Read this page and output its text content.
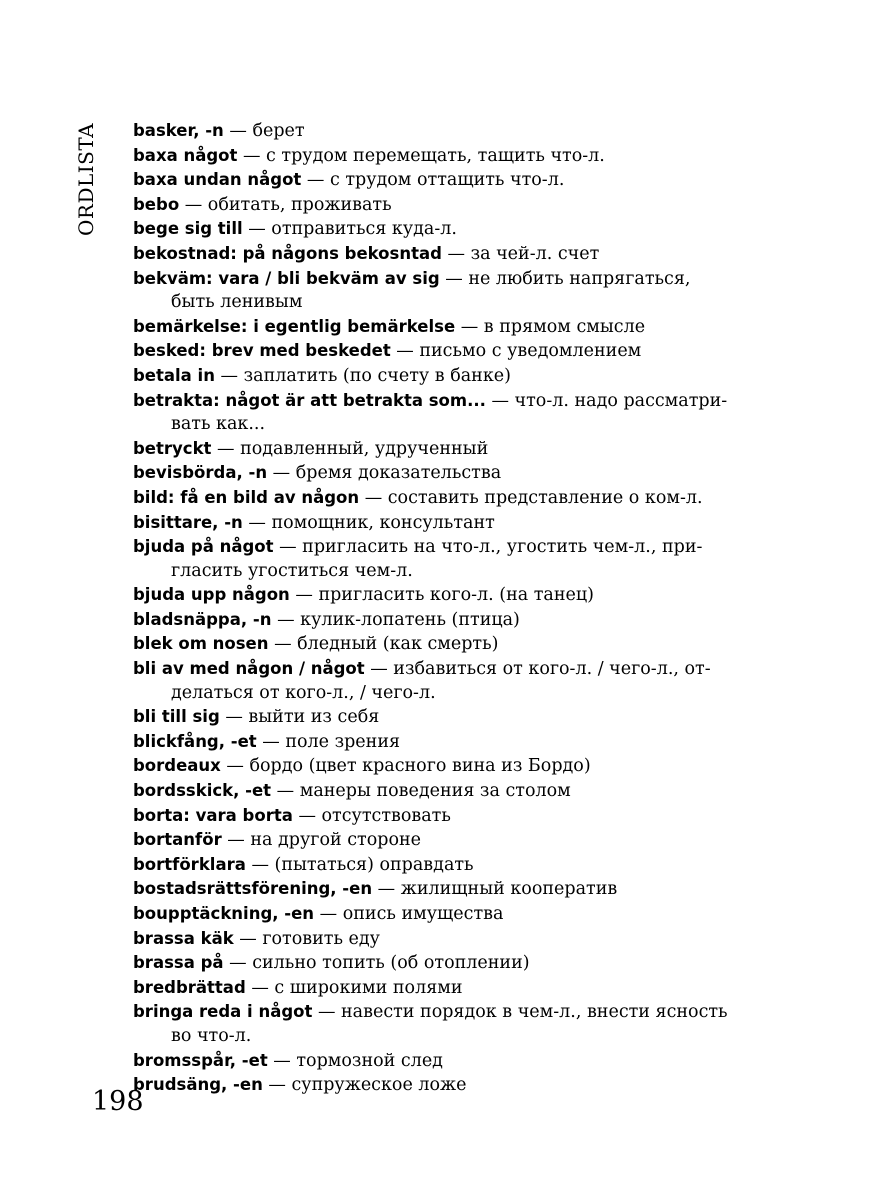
ORDLISTA	basker, -n — берет
baxa något — с трудом перемещать, тащить что-л.
baxa undan något — с трудом оттащить что-л.
bebo — обитать, проживать
bege sig till — отправиться куда-л.
bekostnad: på någons bekosntad — за чей-л. счет
bekväm: vara / bli bekväm av sig — не любить напрягаться,
быть ленивым
bemärkelse: i egentlig bemärkelse — в прямом смысле
besked: brev med beskedet — письмо с уведомлением
betala in — заплатить (по счету в банке)
betrakta: något är att betrakta som... — что-л. надо рассматри-
вать как...
betryckt — подавленный, удрученный
bevisbörda, -n — бремя доказательства
bild: få en bild av någon — составить представление о ком-л.
bisittare, -n — помощник, консультант
bjuda på något — пригласить на что-л., угостить чем-л., при-
гласить угоститься чем-л.
bjuda upp någon — пригласить кого-л. (на танец)
bladsnäppa, -n — кулик-лопатень (птица)
blek om nosen — бледный (как смерть)
bli av med någon / något — избавиться от кого-л. / чего-л., от-
делаться от кого-л., / чего-л.
bli till sig — выйти из себя
blickfång, -et — поле зрения
bordeaux — бордо (цвет красного вина из Бордо)
bordsskick, -et — манеры поведения за столом
borta: vara borta — отсутствовать
bortanför — на другой стороне
bortförklara — (пытаться) оправдать
bostadsrättsförening, -en — жилищный кооператив
boupptäckning, -en — опись имущества
brassa käk — готовить еду
brassa på — сильно топить (об отоплении)
bredbrättad — с широкими полями
bringa reda i något — навести порядок в чем-л., внести ясность
во что-л.
bromsspår, -et — тормозной след
brudsäng, -en — супружеское ложе
198
